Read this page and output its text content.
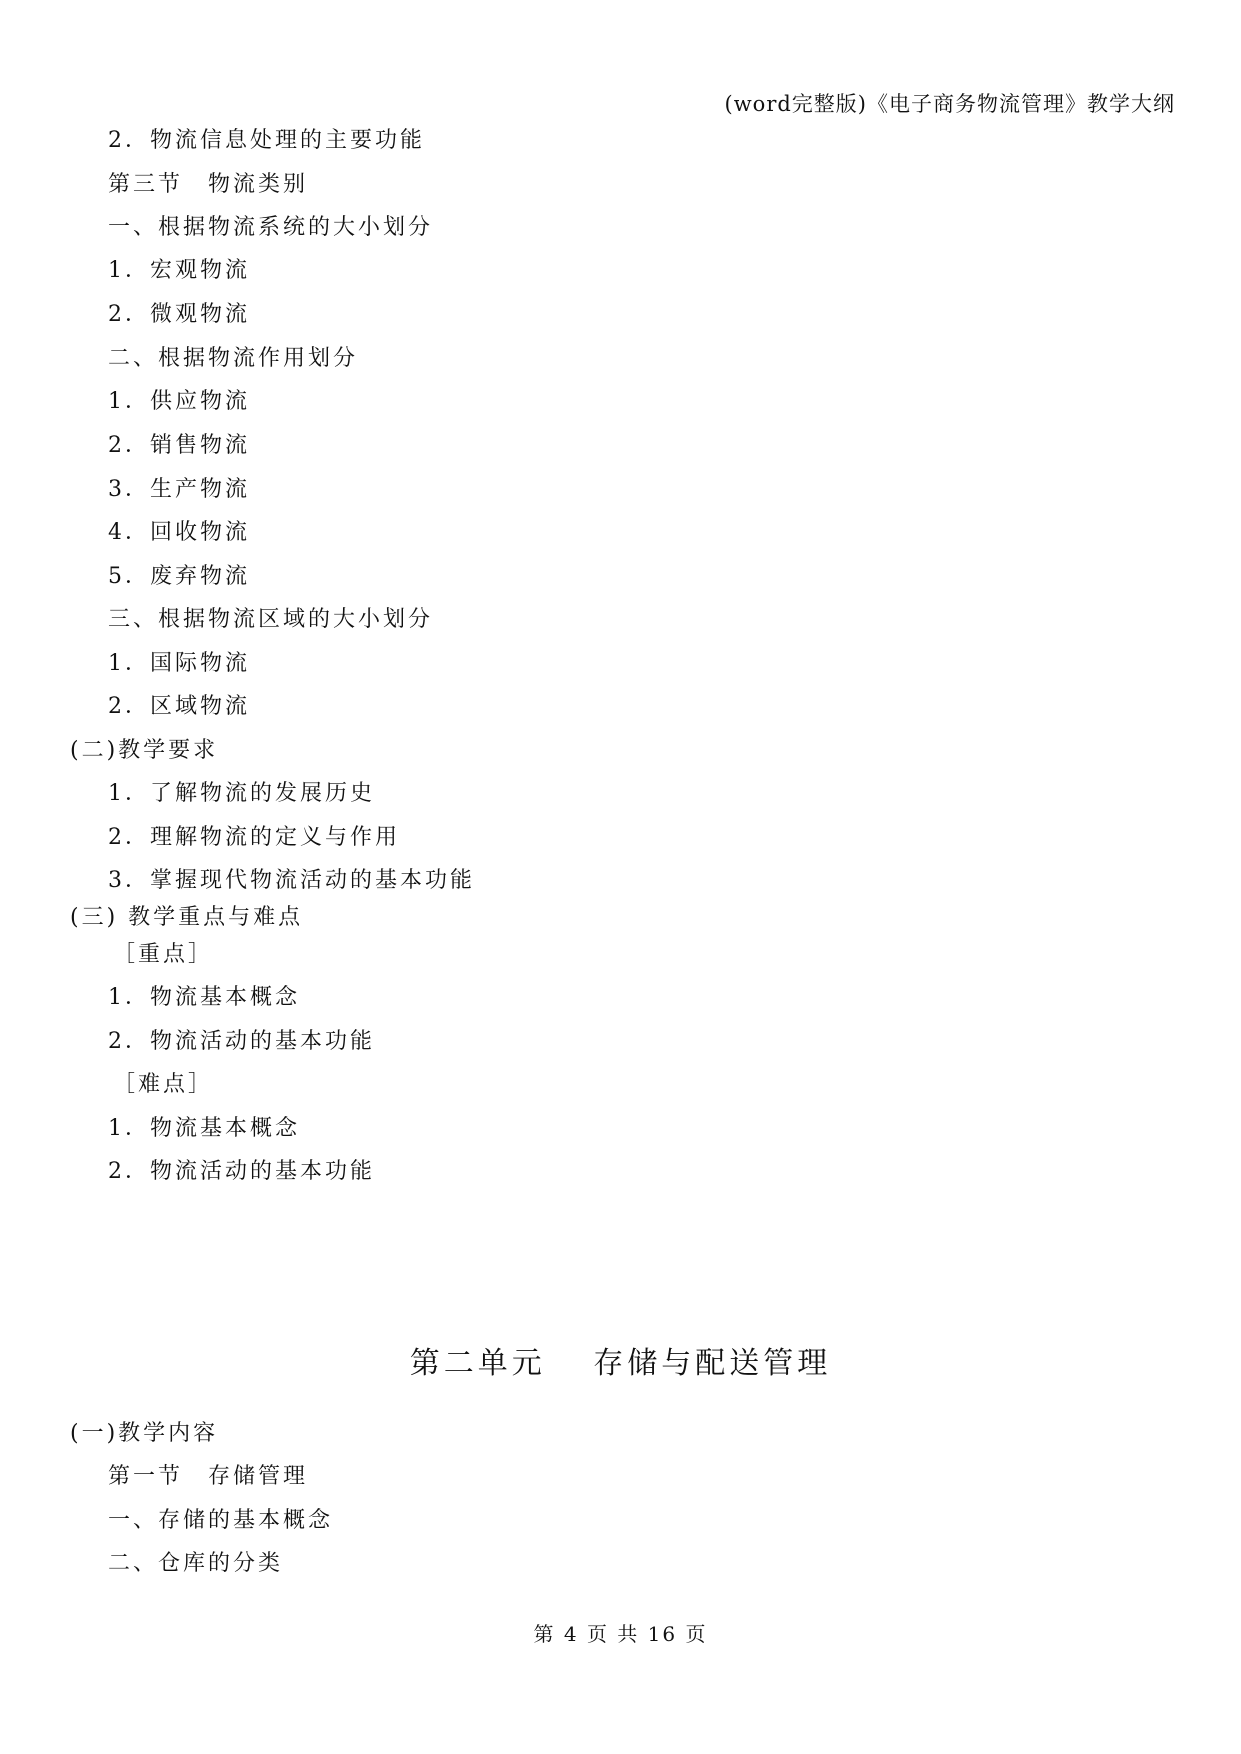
(word完整版)《电子商务物流管理》教学大纲
2．物流信息处理的主要功能
第三节　物流类别
一、根据物流系统的大小划分
1．宏观物流
2．微观物流
二、根据物流作用划分
1．供应物流
2．销售物流
3．生产物流
4．回收物流
5．废弃物流
三、根据物流区域的大小划分
1．国际物流
2．区域物流
(二)教学要求
1．了解物流的发展历史
2．理解物流的定义与作用
3．掌握现代物流活动的基本功能
(三) 教学重点与难点
［重点］
1．物流基本概念
2．物流活动的基本功能
［难点］
1．物流基本概念
2．物流活动的基本功能
第二单元　 存储与配送管理
(一)教学内容
第一节　存储管理
一、存储的基本概念
二、仓库的分类
第 4 页 共 16 页
